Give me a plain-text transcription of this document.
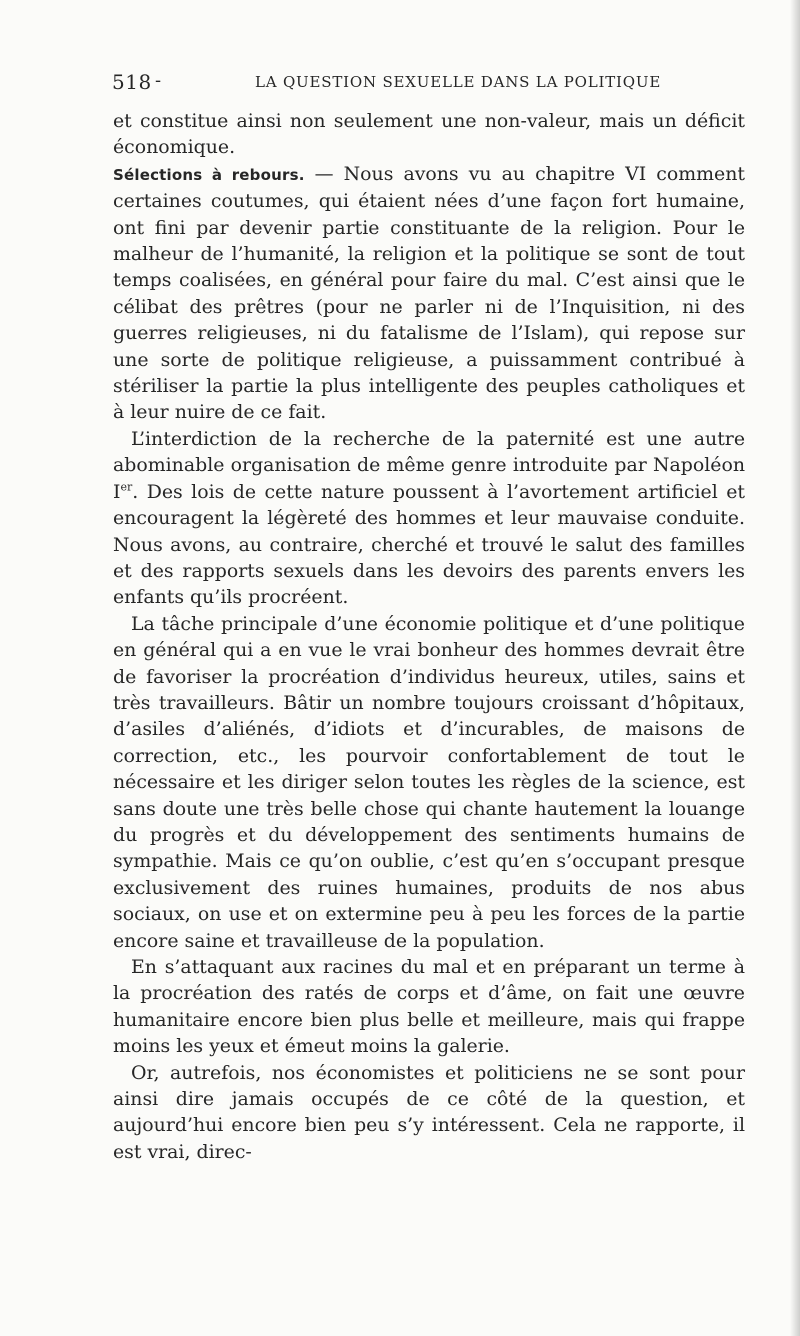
518 -	LA QUESTION SEXUELLE DANS LA POLITIQUE

et constitue ainsi non seulement une non-valeur, mais un déficit économique.

Sélections à rebours. — Nous avons vu au chapitre VI comment certaines coutumes, qui étaient nées d’une façon fort humaine, ont fini par devenir partie constituante de la religion. Pour le malheur de l’humanité, la religion et la politique se sont de tout temps coalisées, en général pour faire du mal. C’est ainsi que le célibat des prêtres (pour ne parler ni de l’Inquisition, ni des guerres religieuses, ni du fatalisme de l’Islam), qui repose sur une sorte de politique religieuse, a puissamment contribué à stériliser la partie la plus intelligente des peuples catholiques et à leur nuire de ce fait.

L’interdiction de la recherche de la paternité est une autre abominable organisation de même genre introduite par Napoléon Ier. Des lois de cette nature poussent à l’avortement artificiel et encouragent la légèreté des hommes et leur mauvaise conduite. Nous avons, au contraire, cherché et trouvé le salut des familles et des rapports sexuels dans les devoirs des parents envers les enfants qu’ils procréent.

La tâche principale d’une économie politique et d’une politique en général qui a en vue le vrai bonheur des hommes devrait être de favoriser la procréation d’individus heureux, utiles, sains et très travailleurs. Bâtir un nombre toujours croissant d’hôpitaux, d’asiles d’aliénés, d’idiots et d’incurables, de maisons de correction, etc., les pourvoir confortablement de tout le nécessaire et les diriger selon toutes les règles de la science, est sans doute une très belle chose qui chante hautement la louange du progrès et du développement des sentiments humains de sympathie. Mais ce qu’on oublie, c’est qu’en s’occupant presque exclusivement des ruines humaines, produits de nos abus sociaux, on use et on extermine peu à peu les forces de la partie encore saine et travailleuse de la population.

En s’attaquant aux racines du mal et en préparant un terme à la procréation des ratés de corps et d’âme, on fait une œuvre humanitaire encore bien plus belle et meilleure, mais qui frappe moins les yeux et émeut moins la galerie.

Or, autrefois, nos économistes et politiciens ne se sont pour ainsi dire jamais occupés de ce côté de la question, et aujourd’hui encore bien peu s’y intéressent. Cela ne rapporte, il est vrai, direc-
